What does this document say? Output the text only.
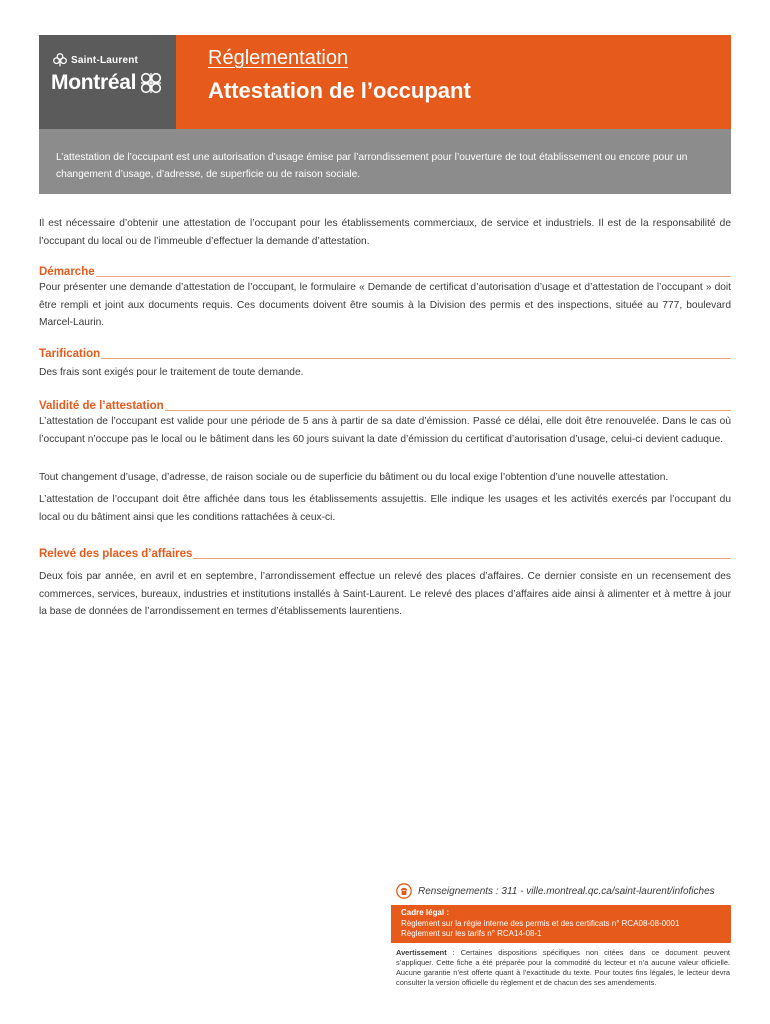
Saint-Laurent
Montréal
Réglementation
Attestation de l’occupant
L’attestation de l’occupant est une autorisation d’usage émise par l’arrondissement pour l’ouverture de tout établissement ou encore pour un changement d’usage, d’adresse, de superficie ou de raison sociale.

Il est nécessaire d’obtenir une attestation de l’occupant pour les établissements commerciaux, de service et industriels. Il est de la responsabilité de l’occupant du local ou de l’immeuble d’effectuer la demande d’attestation.

Démarche

Pour présenter une demande d’attestation de l’occupant, le formulaire « Demande de certificat d’autorisation d’usage et d’attestation de l’occupant » doit être rempli et joint aux documents requis. Ces documents doivent être soumis à la Division des permis et des inspections, située au 777, boulevard Marcel-Laurin.

Tarification

Des frais sont exigés pour le traitement de toute demande.

Validité de l’attestation

L’attestation de l’occupant est valide pour une période de 5 ans à partir de sa date d’émission. Passé ce délai, elle doit être renouvelée. Dans le cas où l’occupant n’occupe pas le local ou le bâtiment dans les 60 jours suivant la date d’émission du certificat d’autorisation d’usage, celui-ci devient caduque.

Tout changement d’usage, d’adresse, de raison sociale ou de superficie du bâtiment ou du local exige l’obtention d’une nouvelle attestation.

L’attestation de l’occupant doit être affichée dans tous les établissements assujettis. Elle indique les usages et les activités exercés par l’occupant du local ou du bâtiment ainsi que les conditions rattachées à ceux-ci.

Relevé des places d’affaires

Deux fois par année, en avril et en septembre, l’arrondissement effectue un relevé des places d’affaires. Ce dernier consiste en un recensement des commerces, services, bureaux, industries et institutions installés à Saint-Laurent. Le relevé des places d’affaires aide ainsi à alimenter et à mettre à jour la base de données de l’arrondissement en termes d’établissements laurentiens.

Renseignements : 311 - ville.montreal.qc.ca/saint-laurent/infofiches
Cadre légal :
Règlement sur la régie interne des permis et des certificats n° RCA08-08-0001
Règlement sur les tarifs n° RCA14-08-1
Avertissement : Certaines dispositions spécifiques non citées dans ce document peuvent s’appliquer. Cette fiche a été préparée pour la commodité du lecteur et n’a aucune valeur officielle. Aucune garantie n’est offerte quant à l’exactitude du texte. Pour toutes fins légales, le lecteur devra consulter la version officielle du règlement et de chacun des ses amendements.
